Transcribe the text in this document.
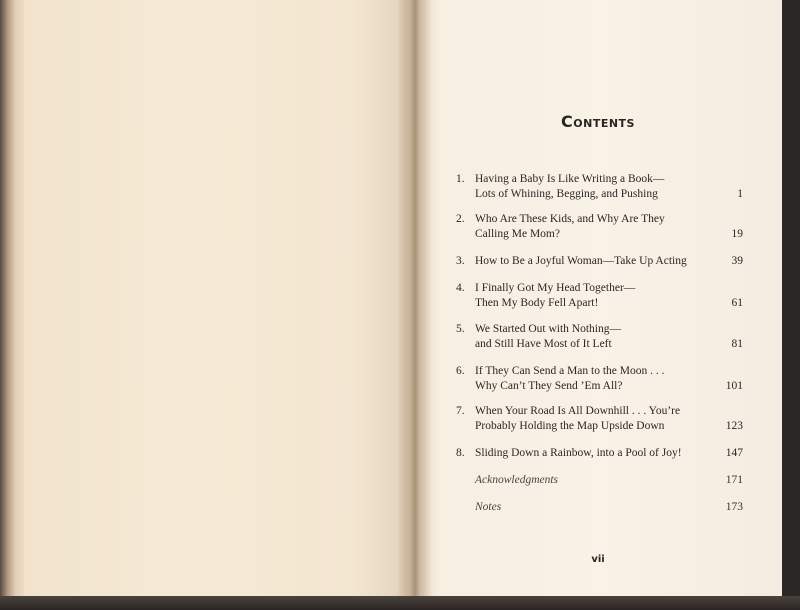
Contents
1. Having a Baby Is Like Writing a Book—
Lots of Whining, Begging, and Pushing	1
2. Who Are These Kids, and Why Are They
Calling Me Mom?	19
3. How to Be a Joyful Woman—Take Up Acting	39
4. I Finally Got My Head Together—
Then My Body Fell Apart!	61
5. We Started Out with Nothing—
and Still Have Most of It Left	81
6. If They Can Send a Man to the Moon . . .
Why Can’t They Send ’Em All?	101
7. When Your Road Is All Downhill . . . You’re
Probably Holding the Map Upside Down	123
8. Sliding Down a Rainbow, into a Pool of Joy!	147
Acknowledgments	171
Notes	173
vii
